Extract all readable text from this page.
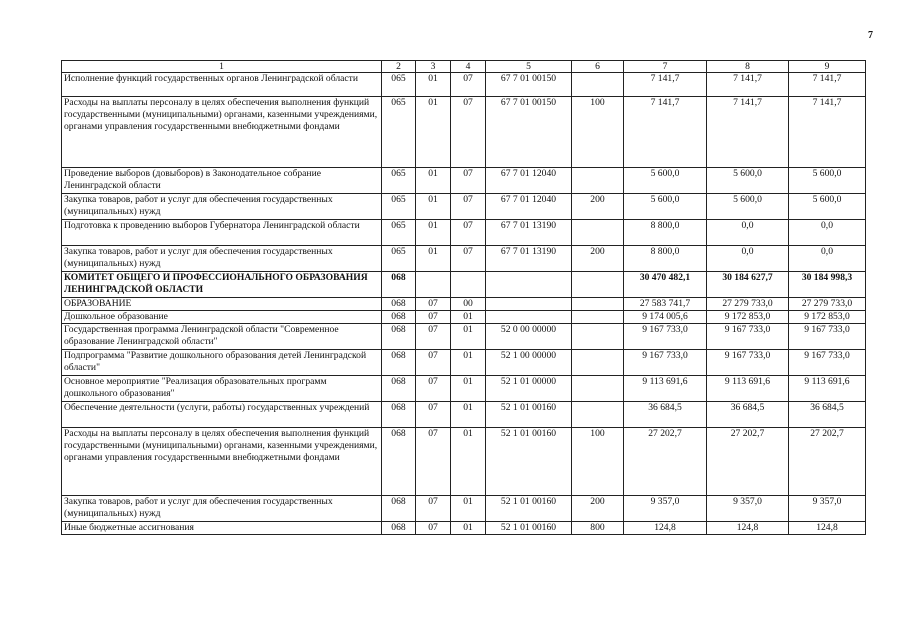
7
1	2	3	4	5	6	7	8	9
Исполнение функций государственных органов Ленинградской области	065	01	07	67 7 01 00150		7 141,7	7 141,7	7 141,7
Расходы на выплаты персоналу в целях обеспечения выполнения функций государственными (муниципальными) органами, казенными учреждениями, органами управления государственными внебюджетными фондами	065	01	07	67 7 01 00150	100	7 141,7	7 141,7	7 141,7
Проведение выборов (довыборов) в Законодательное собрание Ленинградской области	065	01	07	67 7 01 12040		5 600,0	5 600,0	5 600,0
Закупка товаров, работ и услуг для обеспечения государственных (муниципальных) нужд	065	01	07	67 7 01 12040	200	5 600,0	5 600,0	5 600,0
Подготовка к проведению выборов Губернатора Ленинградской области	065	01	07	67 7 01 13190		8 800,0	0,0	0,0
Закупка товаров, работ и услуг для обеспечения государственных (муниципальных) нужд	065	01	07	67 7 01 13190	200	8 800,0	0,0	0,0
КОМИТЕТ ОБЩЕГО И ПРОФЕССИОНАЛЬНОГО ОБРАЗОВАНИЯ ЛЕНИНГРАДСКОЙ ОБЛАСТИ	068					30 470 482,1	30 184 627,7	30 184 998,3
ОБРАЗОВАНИЕ	068	07	00			27 583 741,7	27 279 733,0	27 279 733,0
Дошкольное образование	068	07	01			9 174 005,6	9 172 853,0	9 172 853,0
Государственная программа Ленинградской области "Современное образование Ленинградской области"	068	07	01	52 0 00 00000		9 167 733,0	9 167 733,0	9 167 733,0
Подпрограмма "Развитие дошкольного образования детей Ленинградской области"	068	07	01	52 1 00 00000		9 167 733,0	9 167 733,0	9 167 733,0
Основное мероприятие "Реализация образовательных программ дошкольного образования"	068	07	01	52 1 01 00000		9 113 691,6	9 113 691,6	9 113 691,6
Обеспечение деятельности (услуги, работы) государственных учреждений	068	07	01	52 1 01 00160		36 684,5	36 684,5	36 684,5
Расходы на выплаты персоналу в целях обеспечения выполнения функций государственными (муниципальными) органами, казенными учреждениями, органами управления государственными внебюджетными фондами	068	07	01	52 1 01 00160	100	27 202,7	27 202,7	27 202,7
Закупка товаров, работ и услуг для обеспечения государственных (муниципальных) нужд	068	07	01	52 1 01 00160	200	9 357,0	9 357,0	9 357,0
Иные бюджетные ассигнования	068	07	01	52 1 01 00160	800	124,8	124,8	124,8
